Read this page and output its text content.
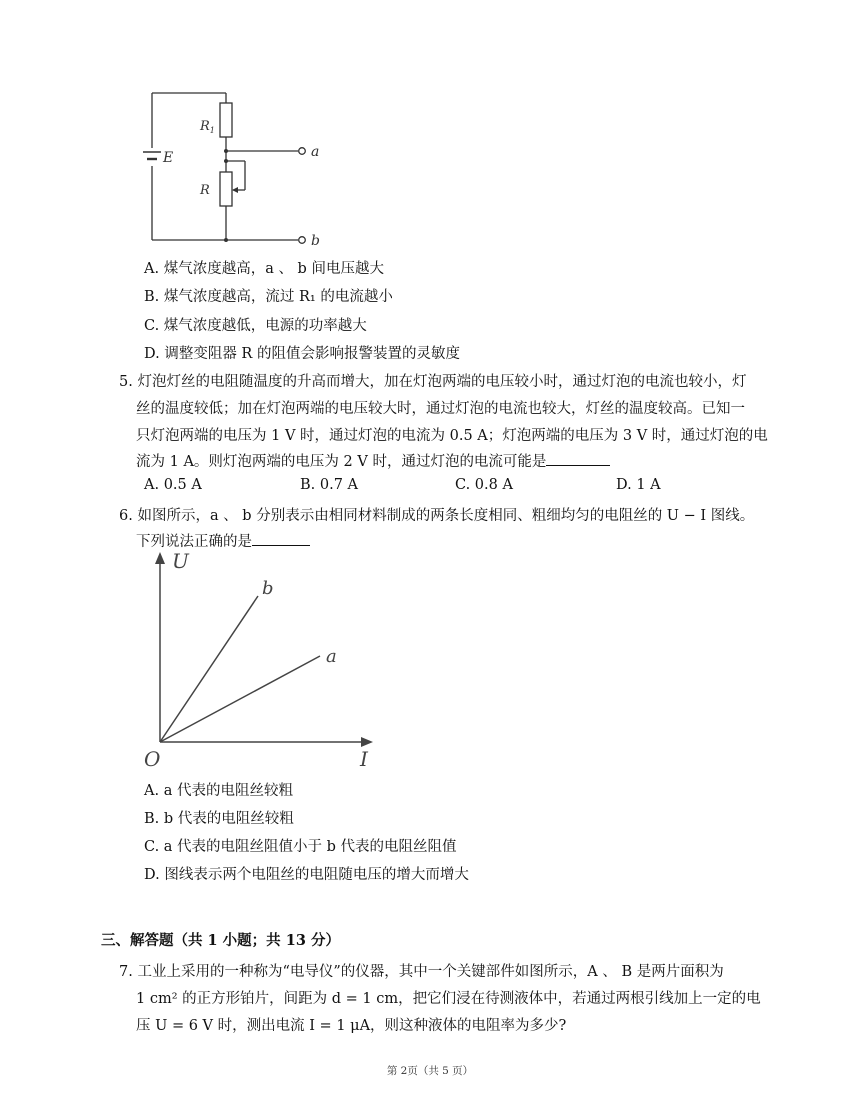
$R_1$
E
R
a
b
A. 煤气浓度越高，a 、 b 间电压越大
B. 煤气浓度越高，流过 R₁ 的电流越小
C. 煤气浓度越低，电源的功率越大
D. 调整变阻器 R 的阻值会影响报警装置的灵敏度
5. 灯泡灯丝的电阻随温度的升高而增大，加在灯泡两端的电压较小时，通过灯泡的电流也较小，灯
丝的温度较低；加在灯泡两端的电压较大时，通过灯泡的电流也较大，灯丝的温度较高。已知一
只灯泡两端的电压为 1 V 时，通过灯泡的电流为 0.5 A；灯泡两端的电压为 3 V 时，通过灯泡的电
流为 1 A。则灯泡两端的电压为 2 V 时，通过灯泡的电流可能是
A. 0.5 A	B. 0.7 A	C. 0.8 A	D. 1 A
6. 如图所示，a 、 b 分别表示由相同材料制成的两条长度相同、粗细均匀的电阻丝的 U − I 图线。
下列说法正确的是
U
I
O
b
a
A. a 代表的电阻丝较粗
B. b 代表的电阻丝较粗
C. a 代表的电阻丝阻值小于 b 代表的电阻丝阻值
D. 图线表示两个电阻丝的电阻随电压的增大而增大
三、解答题（共 1 小题；共 13 分）
7. 工业上采用的一种称为“电导仪”的仪器，其中一个关键部件如图所示，A 、 B 是两片面积为
1 cm² 的正方形铂片，间距为 d = 1 cm，把它们浸在待测液体中，若通过两根引线加上一定的电
压 U = 6 V 时，测出电流 I = 1 μA，则这种液体的电阻率为多少?
第 2页（共 5 页）
